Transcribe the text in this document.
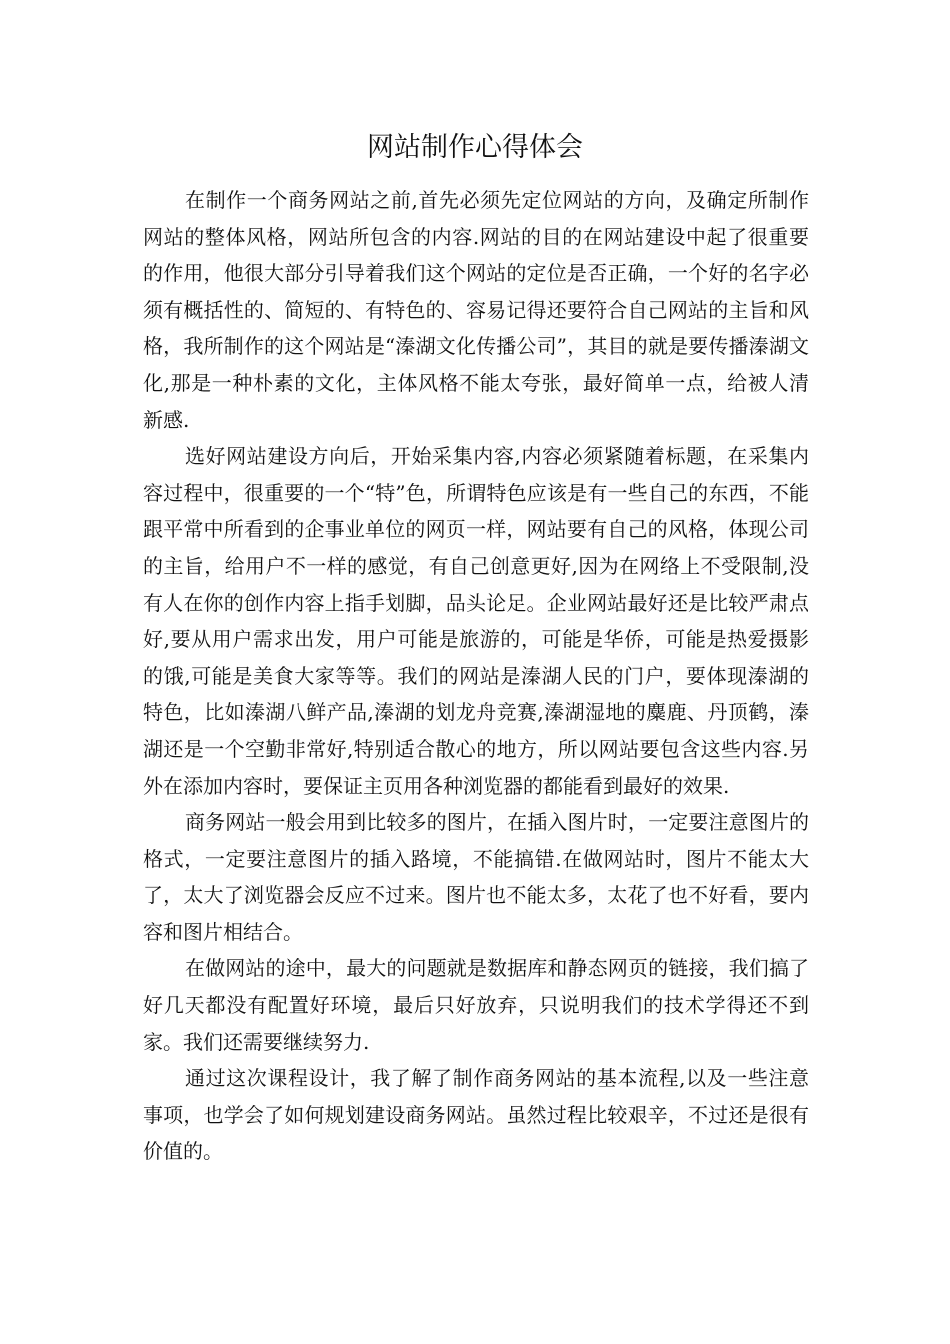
网站制作心得体会

在制作一个商务网站之前,首先必须先定位网站的方向，及确定所制作网站的整体风格，网站所包含的内容.网站的目的在网站建设中起了很重要的作用，他很大部分引导着我们这个网站的定位是否正确，一个好的名字必须有概括性的、简短的、有特色的、容易记得还要符合自己网站的主旨和风格，我所制作的这个网站是“溱湖文化传播公司”，其目的就是要传播溱湖文化,那是一种朴素的文化，主体风格不能太夸张，最好简单一点，给被人清新感.

选好网站建设方向后，开始采集内容,内容必须紧随着标题，在采集内容过程中，很重要的一个“特”色，所谓特色应该是有一些自己的东西，不能跟平常中所看到的企事业单位的网页一样，网站要有自己的风格，体现公司的主旨，给用户不一样的感觉，有自己创意更好,因为在网络上不受限制,没有人在你的创作内容上指手划脚，品头论足。企业网站最好还是比较严肃点好,要从用户需求出发，用户可能是旅游的，可能是华侨，可能是热爱摄影的饿,可能是美食大家等等。我们的网站是溱湖人民的门户，要体现溱湖的特色，比如溱湖八鲜产品,溱湖的划龙舟竞赛,溱湖湿地的麋鹿、丹顶鹤，溱湖还是一个空勤非常好,特别适合散心的地方，所以网站要包含这些内容.另外在添加内容时，要保证主页用各种浏览器的都能看到最好的效果.

商务网站一般会用到比较多的图片，在插入图片时，一定要注意图片的格式，一定要注意图片的插入路境，不能搞错.在做网站时，图片不能太大了，太大了浏览器会反应不过来。图片也不能太多，太花了也不好看，要内容和图片相结合。

在做网站的途中，最大的问题就是数据库和静态网页的链接，我们搞了好几天都没有配置好环境，最后只好放弃，只说明我们的技术学得还不到家。我们还需要继续努力.

通过这次课程设计，我了解了制作商务网站的基本流程,以及一些注意事项，也学会了如何规划建设商务网站。虽然过程比较艰辛，不过还是很有价值的。
